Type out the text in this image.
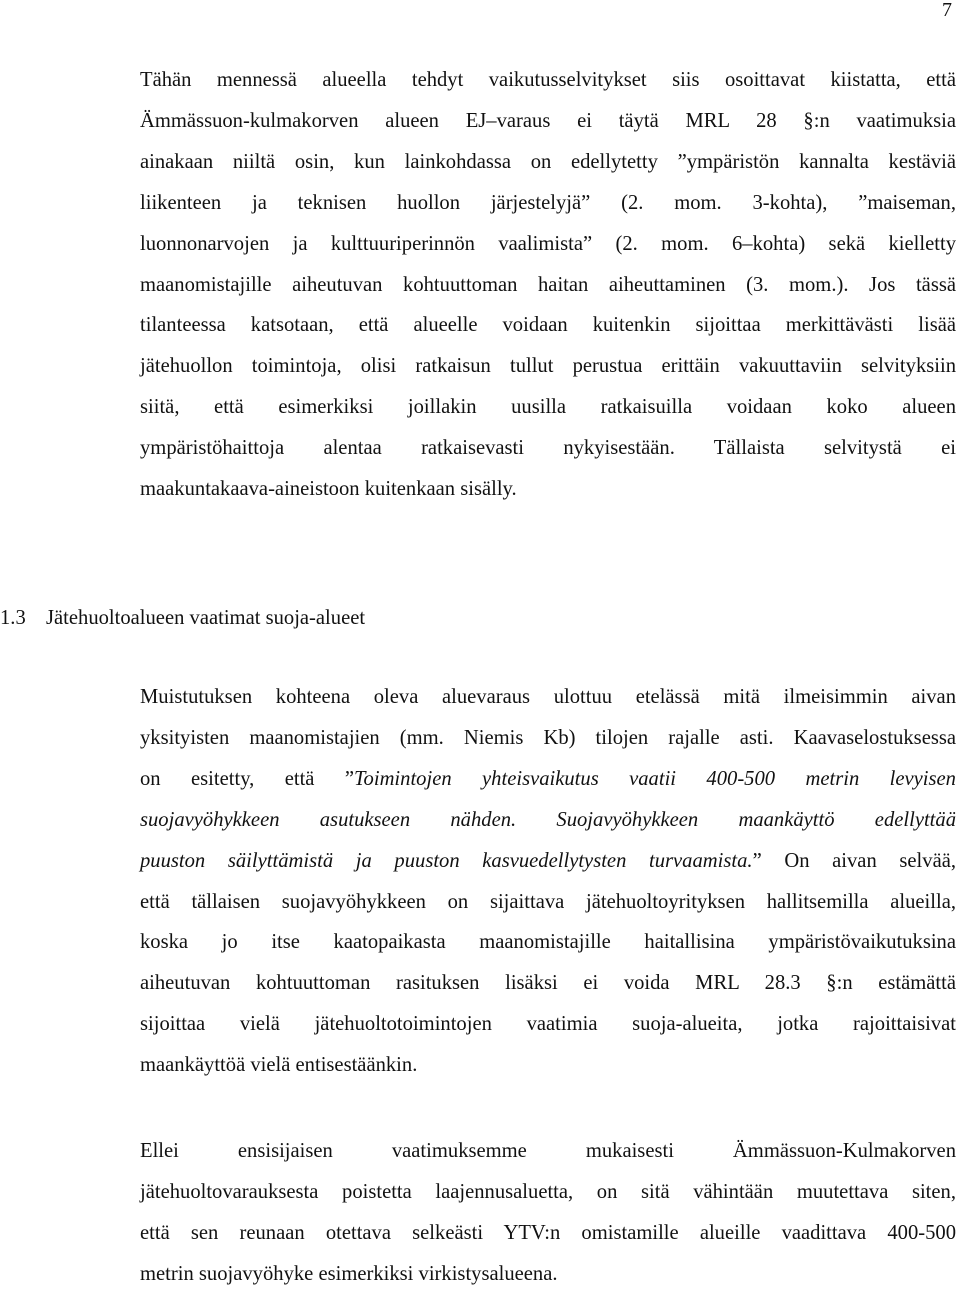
7
Tähän mennessä alueella tehdyt vaikutusselvitykset siis osoittavat kiistatta, että
Ämmässuon-kulmakorven alueen EJ–varaus ei täytä MRL 28 §:n vaatimuksia
ainakaan niiltä osin, kun lainkohdassa on edellytetty ”ympäristön kannalta kestäviä
liikenteen ja teknisen huollon järjestelyjä” (2. mom. 3-kohta), ”maiseman,
luonnonarvojen ja kulttuuriperinnön vaalimista” (2. mom. 6–kohta) sekä kielletty
maanomistajille aiheutuvan kohtuuttoman haitan aiheuttaminen (3. mom.). Jos tässä
tilanteessa katsotaan, että alueelle voidaan kuitenkin sijoittaa merkittävästi lisää
jätehuollon toimintoja, olisi ratkaisun tullut perustua erittäin vakuuttaviin selvityksiin
siitä, että esimerkiksi joillakin uusilla ratkaisuilla voidaan koko alueen
ympäristöhaittoja alentaa ratkaisevasti nykyisestään. Tällaista selvitystä ei
maakuntakaava-aineistoon kuitenkaan sisälly.
1.3 Jätehuoltoalueen vaatimat suoja-alueet
Muistutuksen kohteena oleva aluevaraus ulottuu etelässä mitä ilmeisimmin aivan
yksityisten maanomistajien (mm. Niemis Kb) tilojen rajalle asti. Kaavaselostuksessa
on esitetty, että ”Toimintojen yhteisvaikutus vaatii 400-500 metrin levyisen
suojavyöhykkeen asutukseen nähden. Suojavyöhykkeen maankäyttö edellyttää
puuston säilyttämistä ja puuston kasvuedellytysten turvaamista.” On aivan selvää,
että tällaisen suojavyöhykkeen on sijaittava jätehuoltoyrityksen hallitsemilla alueilla,
koska jo itse kaatopaikasta maanomistajille haitallisina ympäristövaikutuksina
aiheutuvan kohtuuttoman rasituksen lisäksi ei voida MRL 28.3 §:n estämättä
sijoittaa vielä jätehuoltotoimintojen vaatimia suoja-alueita, jotka rajoittaisivat
maankäyttöä vielä entisestäänkin.
Ellei ensisijaisen vaatimuksemme mukaisesti Ämmässuon-Kulmakorven
jätehuoltovarauksesta poistetta laajennusaluetta, on sitä vähintään muutettava siten,
että sen reunaan otettava selkeästi YTV:n omistamille alueille vaadittava 400-500
metrin suojavyöhyke esimerkiksi virkistysalueena.
